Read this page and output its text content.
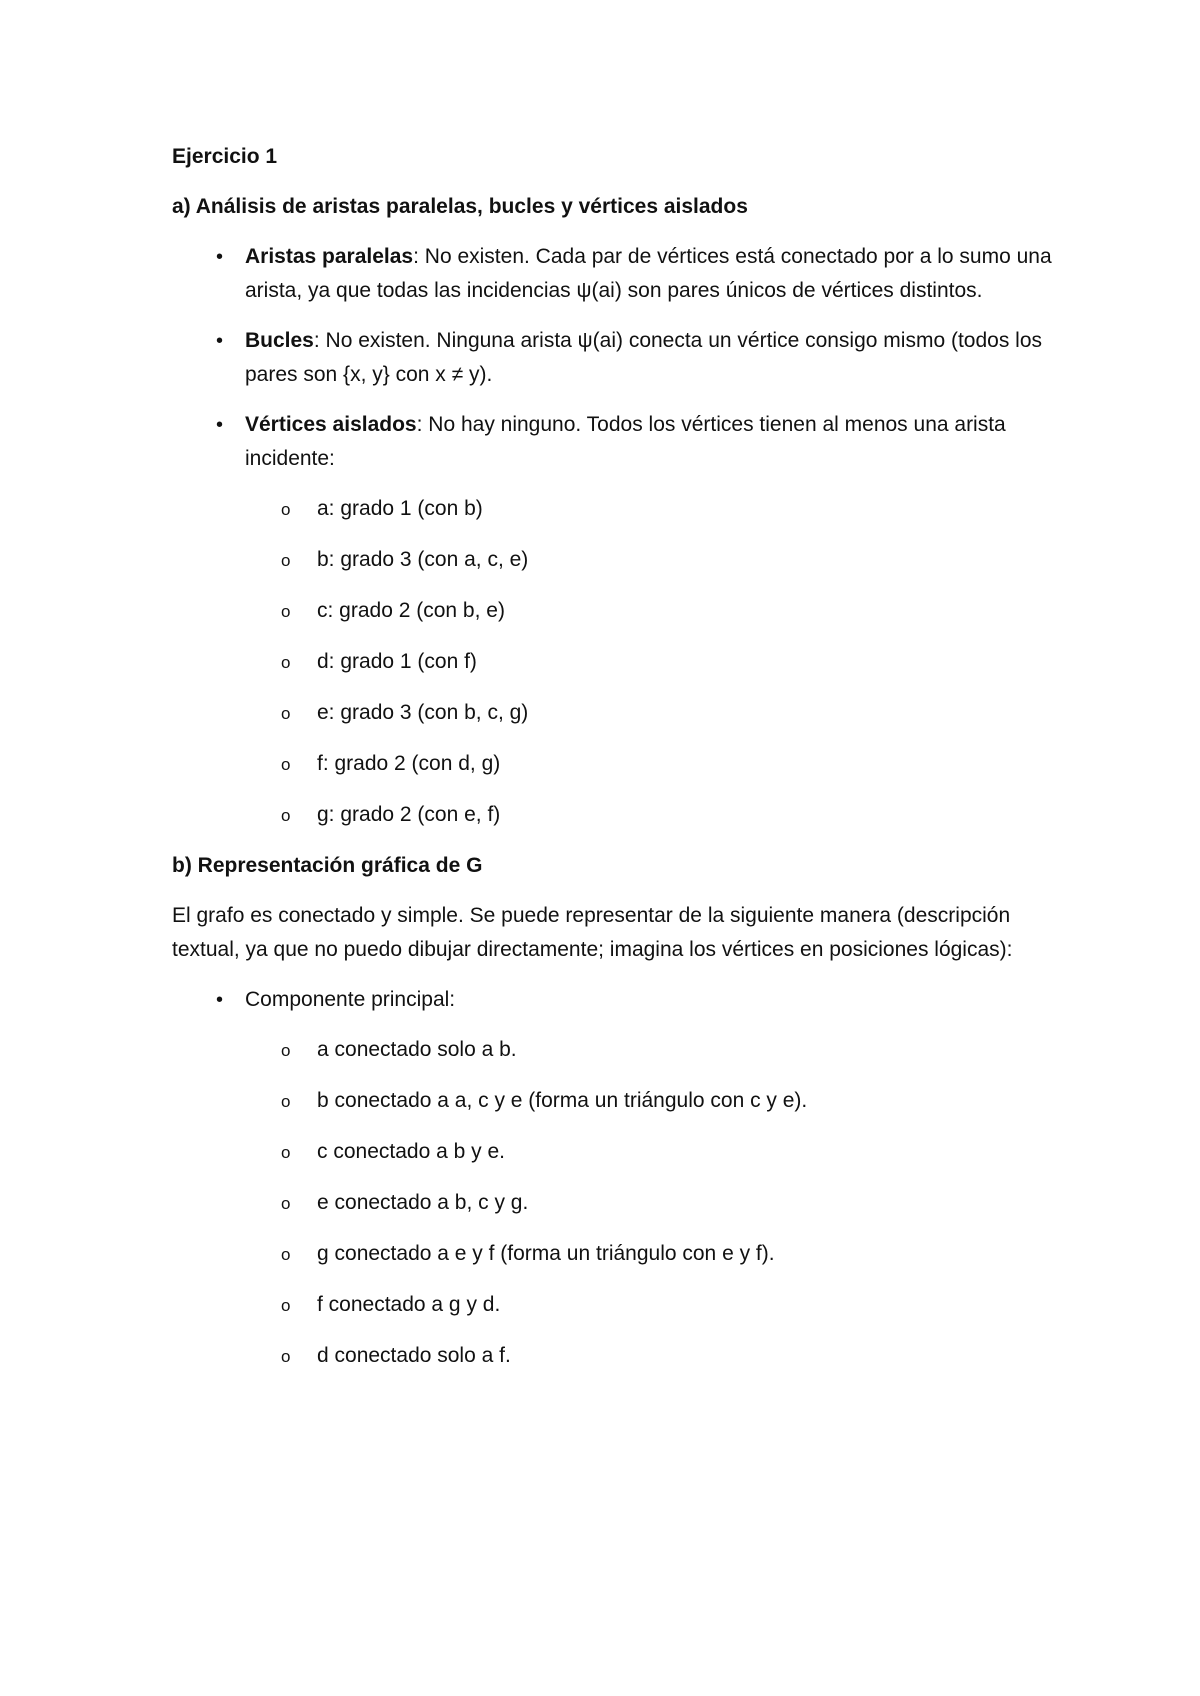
Ejercicio 1
a) Análisis de aristas paralelas, bucles y vértices aislados
• Aristas paralelas: No existen. Cada par de vértices está conectado por a lo sumo una arista, ya que todas las incidencias ψ(ai) son pares únicos de vértices distintos.
• Bucles: No existen. Ninguna arista ψ(ai) conecta un vértice consigo mismo (todos los pares son {x, y} con x ≠ y).
• Vértices aislados: No hay ninguno. Todos los vértices tienen al menos una arista incidente:
o a: grado 1 (con b)
o b: grado 3 (con a, c, e)
o c: grado 2 (con b, e)
o d: grado 1 (con f)
o e: grado 3 (con b, c, g)
o f: grado 2 (con d, g)
o g: grado 2 (con e, f)
b) Representación gráfica de G
El grafo es conectado y simple. Se puede representar de la siguiente manera (descripción textual, ya que no puedo dibujar directamente; imagina los vértices en posiciones lógicas):
• Componente principal:
o a conectado solo a b.
o b conectado a a, c y e (forma un triángulo con c y e).
o c conectado a b y e.
o e conectado a b, c y g.
o g conectado a e y f (forma un triángulo con e y f).
o f conectado a g y d.
o d conectado solo a f.
